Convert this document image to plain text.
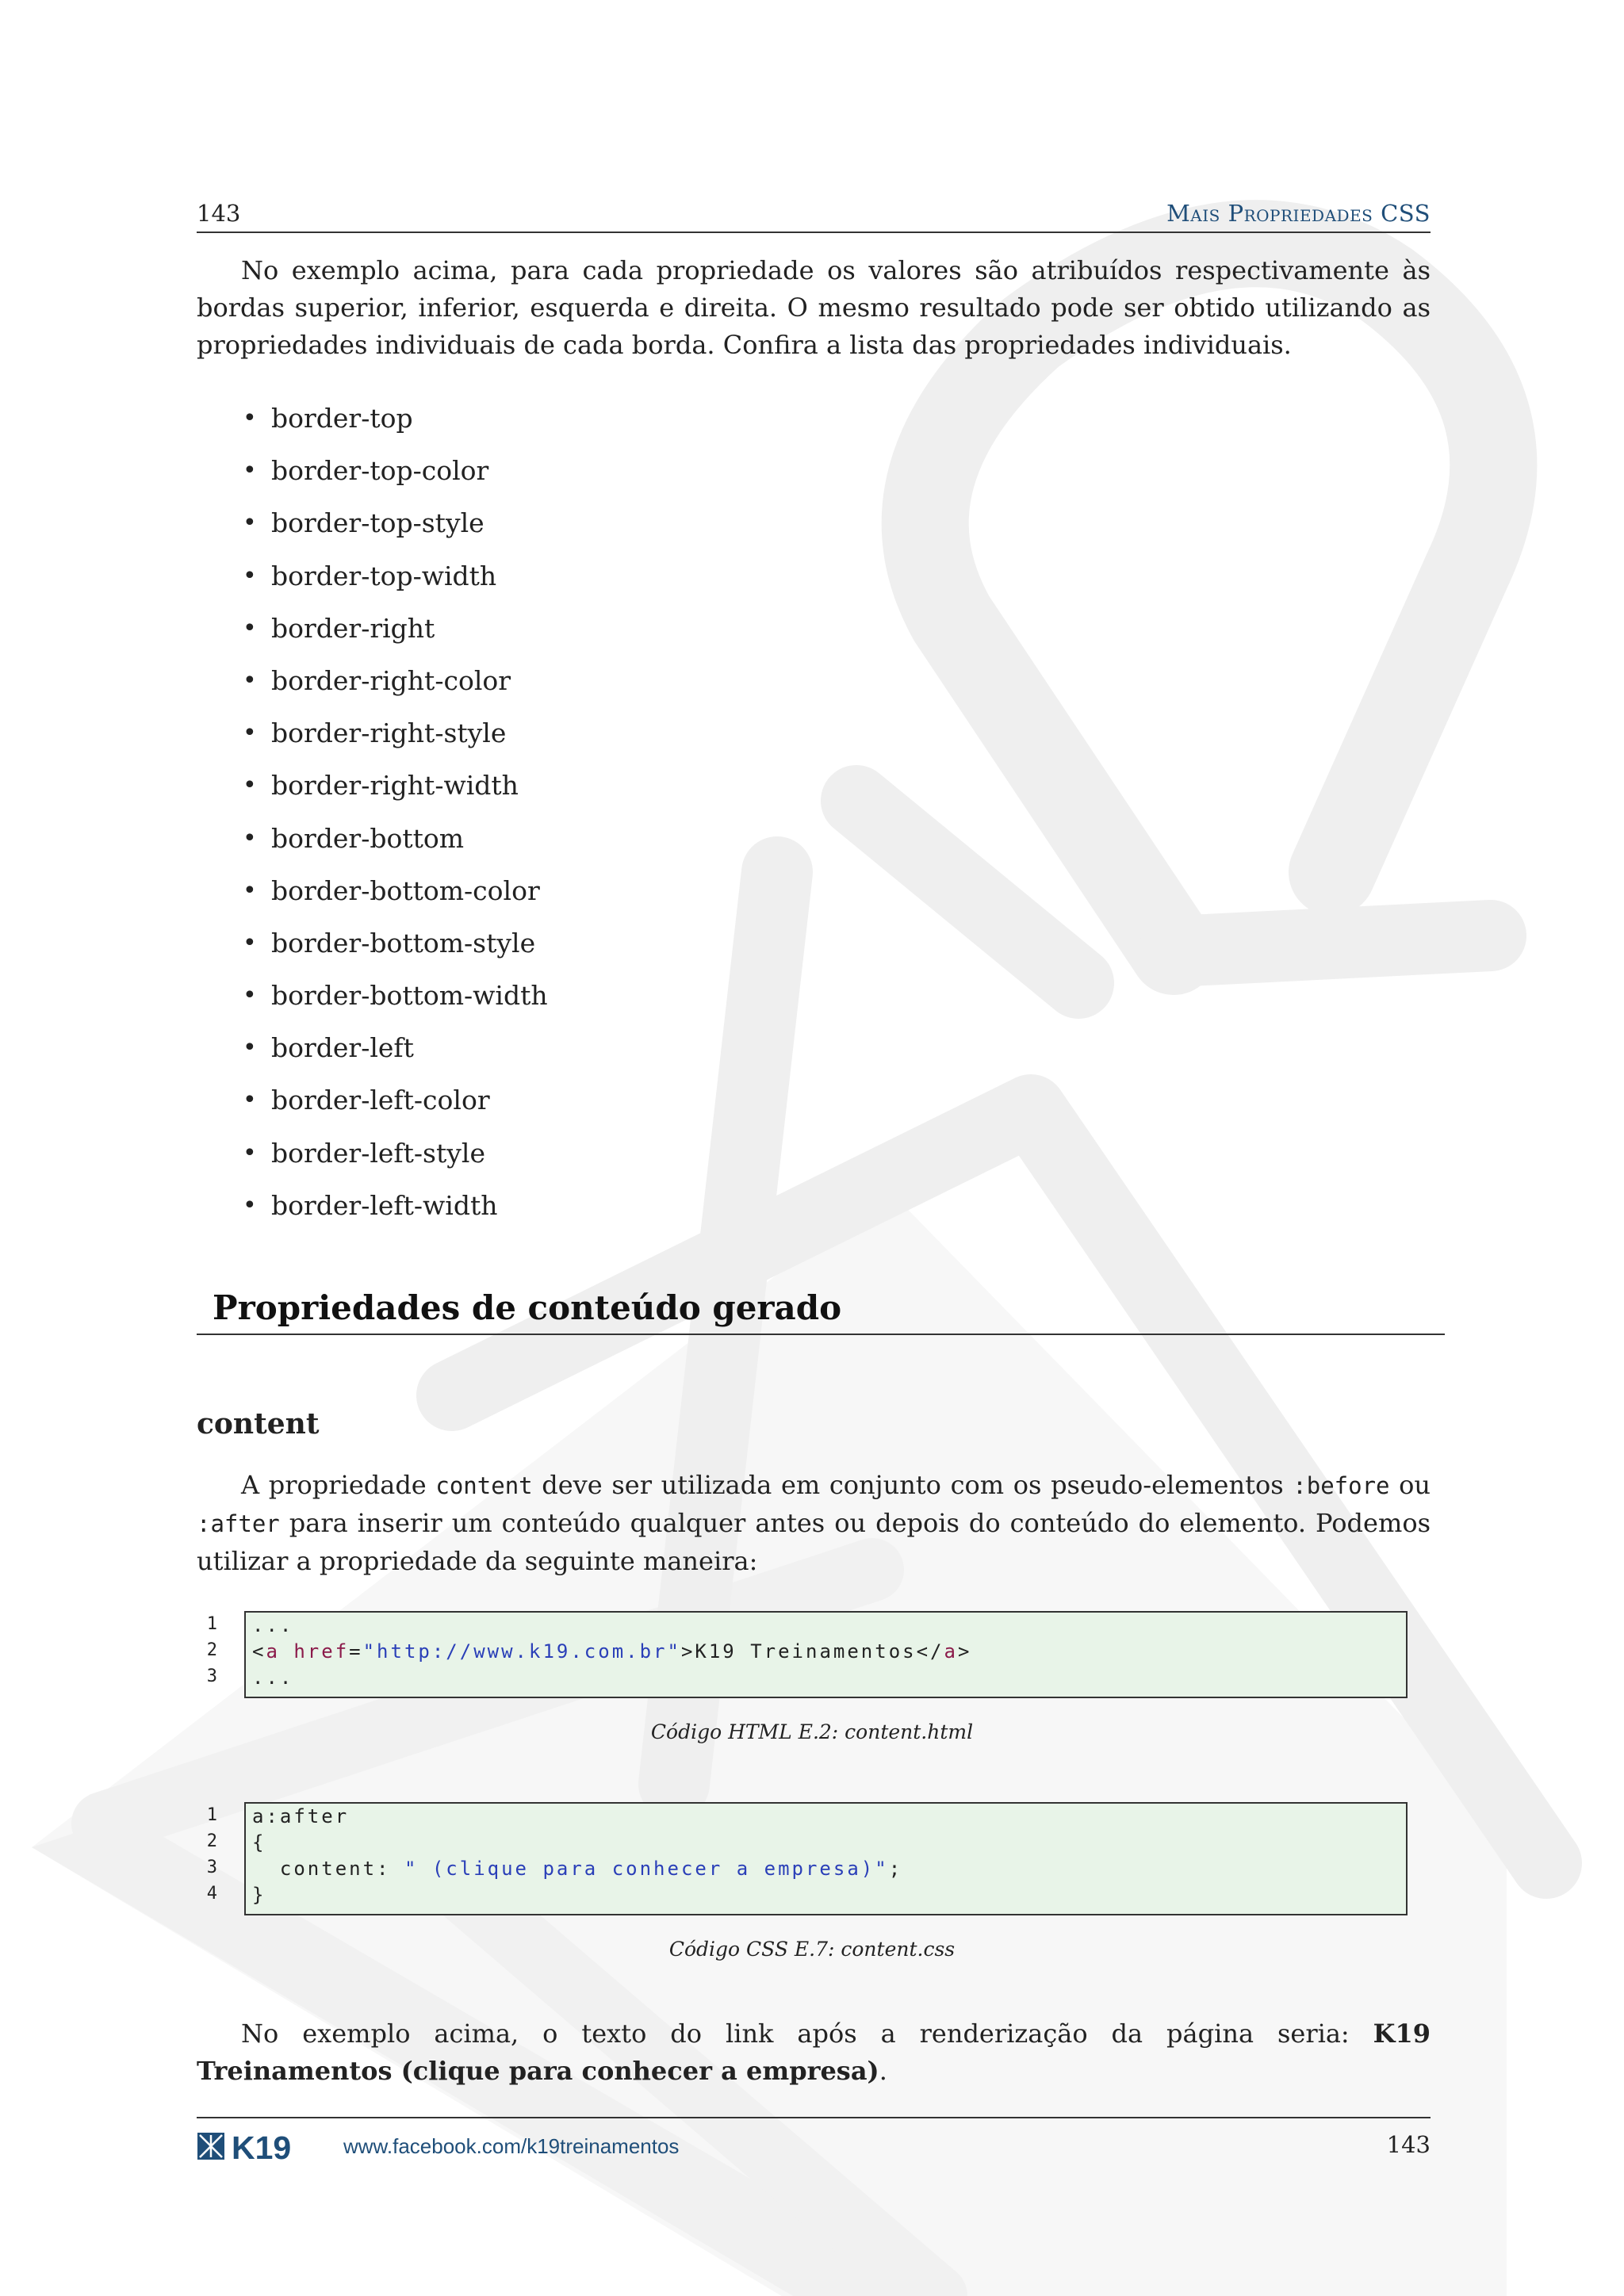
143	Mais Propriedades CSS

No exemplo acima, para cada propriedade os valores são atribuídos respectivamente às bordas superior, inferior, esquerda e direita. O mesmo resultado pode ser obtido utilizando as propriedades individuais de cada borda. Confira a lista das propriedades individuais.

• border-top
• border-top-color
• border-top-style
• border-top-width
• border-right
• border-right-color
• border-right-style
• border-right-width
• border-bottom
• border-bottom-color
• border-bottom-style
• border-bottom-width
• border-left
• border-left-color
• border-left-style
• border-left-width
Propriedades de conteúdo gerado
content

A propriedade content deve ser utilizada em conjunto com os pseudo-elementos :before ou :after para inserir um conteúdo qualquer antes ou depois do conteúdo do elemento. Podemos utilizar a propriedade da seguinte maneira:

1
2
3
...
<a href="http://www.k19.com.br">K19 Treinamentos</a>
...
Código HTML E.2: content.html
1
2
3
4
a:after
{
content: " (clique para conhecer a empresa)";
}
Código CSS E.7: content.css

No exemplo acima, o texto do link após a renderização da página seria: K19 Treinamentos (clique para conhecer a empresa).

K19	www.facebook.com/k19treinamentos	143
